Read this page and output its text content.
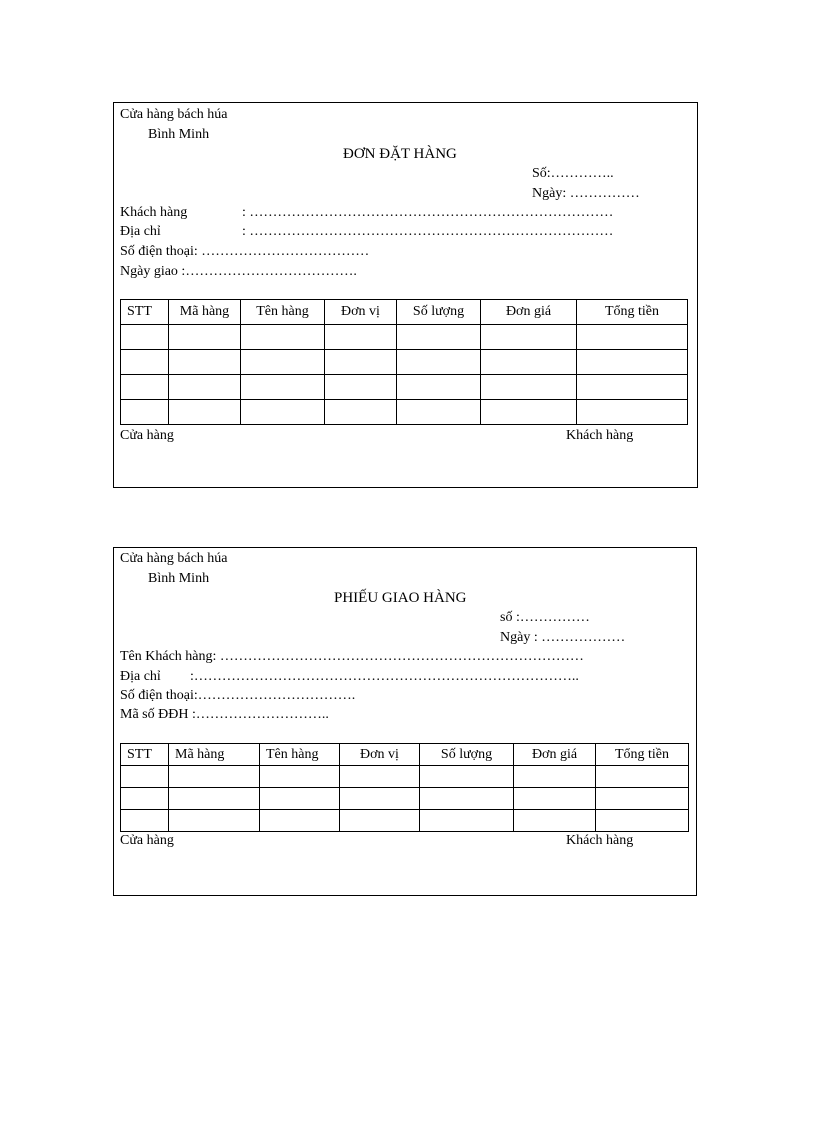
Cửa hàng bách húa
Bình Minh
ĐƠN ĐẶT HÀNG
Số:…………..
Ngày: ……………
Khách hàng	: ……………………………………………………………………
Địa chỉ	: ……………………………………………………………………
Số điện thoại: ………………………………
Ngày giao :……………………………….
STT	Mã hàng	Tên hàng	Đơn vị	Số lượng	Đơn giá	Tổng tiền

Cửa hàng	Khách hàng
Cửa hàng bách húa
Bình Minh
PHIẾU GIAO HÀNG
số :……………
Ngày : ………………
Tên Khách hàng: ……………………………………………………………………
Địa chỉ :………………………………………………………………………..
Số điện thoại:…………………………….
Mã số ĐĐH :………………………..
STT	Mã hàng	Tên hàng	Đơn vị	Số lượng	Đơn giá	Tổng tiền

Cửa hàng	Khách hàng
